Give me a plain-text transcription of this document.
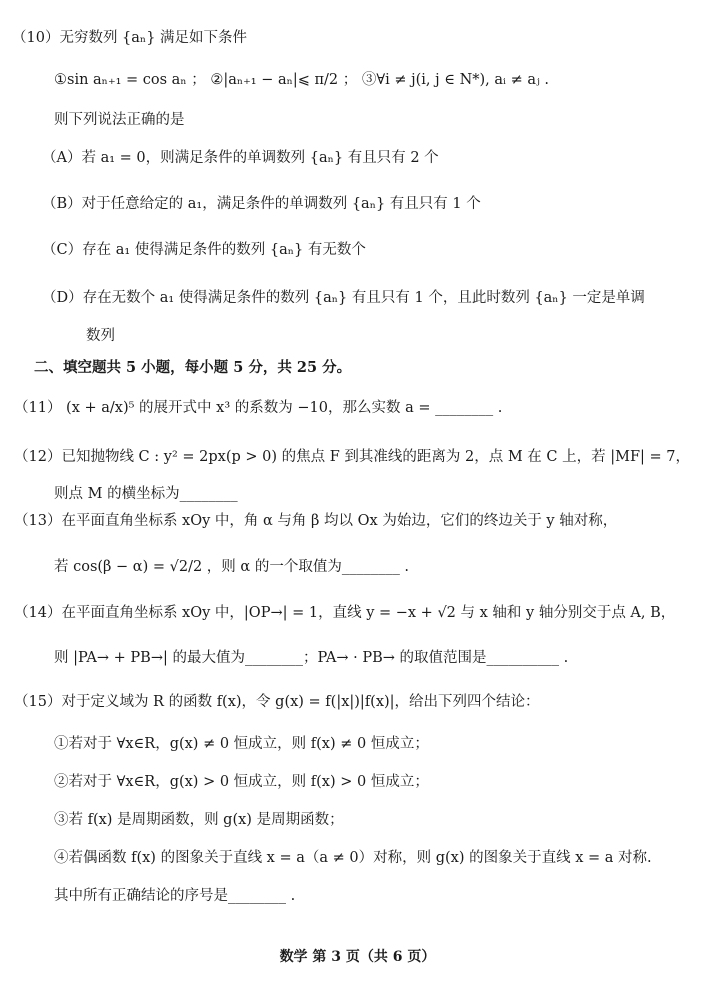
（10）无穷数列 {aₙ} 满足如下条件
①sin aₙ₊₁ = cos aₙ ； ②|aₙ₊₁ − aₙ|⩽ π/2 ； ③∀i ≠ j(i, j ∈ N*), aᵢ ≠ aⱼ .
则下列说法正确的是
（A）若 a₁ = 0，则满足条件的单调数列 {aₙ} 有且只有 2 个
（B）对于任意给定的 a₁，满足条件的单调数列 {aₙ} 有且只有 1 个
（C）存在 a₁ 使得满足条件的数列 {aₙ} 有无数个
（D）存在无数个 a₁ 使得满足条件的数列 {aₙ} 有且只有 1 个，且此时数列 {aₙ} 一定是单调
数列
二、填空题共 5 小题，每小题 5 分，共 25 分。
（11） (x + a/x)⁵ 的展开式中 x³ 的系数为 −10，那么实数 a = ________ .
（12）已知抛物线 C : y² = 2px(p > 0) 的焦点 F 到其准线的距离为 2，点 M 在 C 上，若 |MF| = 7，
则点 M 的横坐标为________
（13）在平面直角坐标系 xOy 中，角 α 与角 β 均以 Ox 为始边，它们的终边关于 y 轴对称，
若 cos(β − α) = √2/2 ，则 α 的一个取值为________ .
（14）在平面直角坐标系 xOy 中，|OP→| = 1，直线 y = −x + √2 与 x 轴和 y 轴分别交于点 A, B，
则 |PA→ + PB→| 的最大值为________；PA→ · PB→ 的取值范围是__________ .
（15）对于定义域为 R 的函数 f(x)，令 g(x) = f(|x|)|f(x)|，给出下列四个结论：
①若对于 ∀x∈R，g(x) ≠ 0 恒成立，则 f(x) ≠ 0 恒成立；
②若对于 ∀x∈R，g(x) > 0 恒成立，则 f(x) > 0 恒成立；
③若 f(x) 是周期函数，则 g(x) 是周期函数；
④若偶函数 f(x) 的图象关于直线 x = a（a ≠ 0）对称，则 g(x) 的图象关于直线 x = a 对称.
其中所有正确结论的序号是________ .
数学 第 3 页（共 6 页）
